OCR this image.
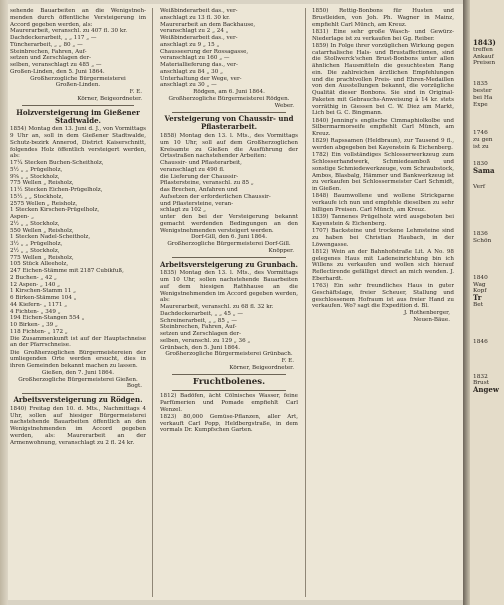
sehende Bauarbeiten an die Wenigstneh- menden durch öffentliche Versteigerung im Accord gegeben werden, als:

Maurerarbeit, veranschl. zu 407 fl. 30 kr.
Dachdeckerarbeit, „ „ 117 „ —
Tüncherarbeit, „ „ 80 „ —
Steinbrechen, Fahren, Auf-
setzen und Zerschlagen der-
selben, veranschlagt zu 485 „ —
Großen-Linden, den 5. Juni 1864.
Großherzogliche Bürgermeisterei
Großen-Linden.
F. E.
Körner, Beigeordneter.
Holzversteigerung im Gießener Stadtwalde.

1854) Montag den 13. Juni d. J., von Vormittags 9 Uhr an, soll in dem Gießener Stadtwalde, Schutz-bezirk Annerod, District Kaiserschnitt, folgendes Holz öffentlich versteigert werden, als:

17¼ Stecken Buchen-Scheitholz,
5½ „ „ Prügelholz,
9⅝ „ „ Stockholz,
775 Wellen „ Reisholz,
11½ Stecken Eichen-Prügelholz,
15½ „ „ Stockholz,
2575 Wellen „ Reisholz,
1 Stecken Kirschen-Prügelholz,
Aspen- „
2½ „ „ Stockholz,
550 Wellen „ Reisholz,
1 Stecken Nadel-Scheitholz,
3½ „ „ Prügelholz,
2½ „ „ Stockholz,
775 Wellen „ Reisholz,
105 Stück Alleeholz,
247 Eichen-Stämme mit 2187 Cubikfuß,
2 Buchen- „ 42 „
12 Aspen- „ 140 „
1 Kirschen-Stamm 11 „
6 Birken-Stämme 104 „
44 Kiefern- „ 1171 „
4 Fichten- „ 349 „
194 Eichen-Stangen 554 „
10 Birken- „ 39 „
118 Fichten- „ 172 „

Die Zusammenkunft ist auf der Hauptschneise an der Pfarrschneise.

Die Großherzoglichen Bürgermeistereien der umliegenden Orte werden ersucht, dies in ihren Gemeinden bekannt machen zu lassen.

Gießen, den 7. Juni 1864.
Großherzogliche Bürgermeisterei Gießen.
Bogt.
Arbeitsversteigerung zu Rödgen.

1840) Freitag den 10. d. Mts., Nachmittags 4 Uhr, sollen auf hiesiger Bürgermeisterei nachstehende Bauarbeiten öffentlich an den Wenigstnehmenden im Accord gegeben werden, als: Maurerarbeit an der Armenwohnung, veranschlagt zu 2 fl. 24 kr.

Weißbinderarbeit das., ver-
anschlagt zu 13 fl. 30 kr.
Maurerarbeit an dem Backhause,
veranschlagt zu 2 „ 24 „
Weißbinderarbeit das., ver-
anschlagt zu 9 „ 15 „
Chausseerung der Rossagasse,
veranschlagt zu 160 „ —
Materiallieferung das., ver-
anschlagt zu 84 „ 30 „
Unterhaltung der Wege, ver-
anschlagt zu 30 „ —
Rödgen, am 6. Juni 1864.
Großherzogliche Bürgermeisterei Rödgen.
Weber.
Versteigerung von Chaussir- und Pflasterarbeit.

1858) Montag den 13. l. Mts., des Vormittags um 10 Uhr, soll auf dem Großherzoglichen Kreisamte zu Gießen die Ausführung der Ortsstraßen nachstehender Arbeiten:

Chaussir- und Pflasterarbeit,
veranschlagt zu 490 fl.
die Lieferung der Chaussir-
Pflastersteine, veranschl. zu 85 „
das Brechen, Anfahren und
Aufsetzen der erforderlichen Chaussir-
und Pflastersteine, veran-
schlagt zu 102 „

unter den bei der Versteigerung bekannt gemacht werdenden Bedingungen an den Wenigstnehmenden versteigert werden.

Dorf-Gill, den 6. Juni 1864.
Großherzogliche Bürgermeisterei Dorf-Gill.
Knöpper.
Arbeitsversteigerung zu Grunbach.

1835) Montag den 13. l. Mts., des Vormittags um 10 Uhr, sollen nachstehende Bauarbeiten auf dem hiesigen Rathhause an die Wenigstnehmenden im Accord gegeben werden, als:

Maurerarbeit, veranschl. zu 68 fl. 32 kr.
Dachdeckerarbeit, „ „ 45 „ —
Schreinerarbeit, „ „ 85 „ —
Steinbrechen, Fahren, Auf-
setzen und Zerschlagen der-
selben, veranschl. zu 129 „ 36 „
Grünbach, den 5. Juni 1864.
Großherzogliche Bürgermeisterei Grünbach.
F. E.
Körner, Beigeordneter.
Fruchtbolenes.

1812) Badöfen, ächt Cölnisches Wasser, feine Parfümerien und Pomade empfiehlt Carl Wenzel.

1823) 80,000 Gemüse-Pflanzen, aller Art, verkauft Carl Popp, Heldbergstraße, in dem vormals Dr. Kumpfschen Garten.

1850) Rettig-Bonbons für Husten und Brustleiden, von Joh. Ph. Wagner in Mainz, empfiehlt Carl Münch, am Kreuz.

1831) Eine sehr große Wasch- und Gewürz-Niederlage ist zu verkaufen bei Gg. Reiber.

1859) In Folge ihrer vorzüglichen Wirkung gegen catarrhalische Hals- und Brustaffectionen, sind die Stollwerck'schen Brust-Bonbons unter allen ähnlichen Hausmitteln die gesuchtesten Rang ein. Die zahlreichen ärztlichen Empfehlungen und die prachtvollen Preis- und Ehren-Medaillen von den Ausstellungen bekannt, die vorzügliche Qualität dieser Bonbons. Sie sind in Original-Paketen mit Gebrauchs-Anweisung à 14 kr. stets vorräthig in Giessen bei C. W. Diez am Markt, Lich bei G. C. Bingmann.

1840) Jenning's englische Cimmaphiolkolbe und Silbermarmorseife empfiehlt Carl Münch, am Kreuz.

1829) Rapssamen (Heldbraun), zur Tausend 9 fl., werden abgegeben bei Kayenstein & Eichenberg.

1782) Ein vollständiges Schlosserwerkzeug zum Schlosserhandwerk, Schmiedeamboß und sonstige Schmiedewerkzeuge, vom Schraubstock, Ambos, Blasbalg, Hämmer und Bankwerkzeug ist zu verkaufen bei Schlossermeister Carl Schmidt, in Gießen.

1848) Baumwollene und wollene Strickgarne verkaufe ich nun und empfehle dieselben zu sehr billigen Preisen. Carl Münch, am Kreuz.

1839) Tannenes Prügelholz wird ausgeboten bei Kayenstein & Eichenberg.

1707) Backsteine und trockene Lehmsteine sind zu haben bei Christian Haubach, in der Löwengasse.

1812) Wein an der Bahnhofstraße Lit. A No. 98 gelegenes Haus mit Ladeneinrichtung bin ich Willens zu verkaufen und wollen sich hierauf Reflectirende gefälligst direct an mich wenden. J. Eberhardt.

1763) Ein sehr freundliches Haus in guter Geschäftslage, freier Scheuer, Stallung und geschlossenem Hofraum ist aus freier Hand zu verkaufen. Wo? sagt die Expedition d. Bl.

J. Rothenberger,
Neuen-Bäue.
1843)
treffen
Ankauf
Preisen
1835
bester
bei Ha
Expe
1746
zu gen
ist zu
1830
Sama
Verf
1836
Schön
1840
Wag
Kopf
Tr
Bet
1846
1832
Brust
Angew
